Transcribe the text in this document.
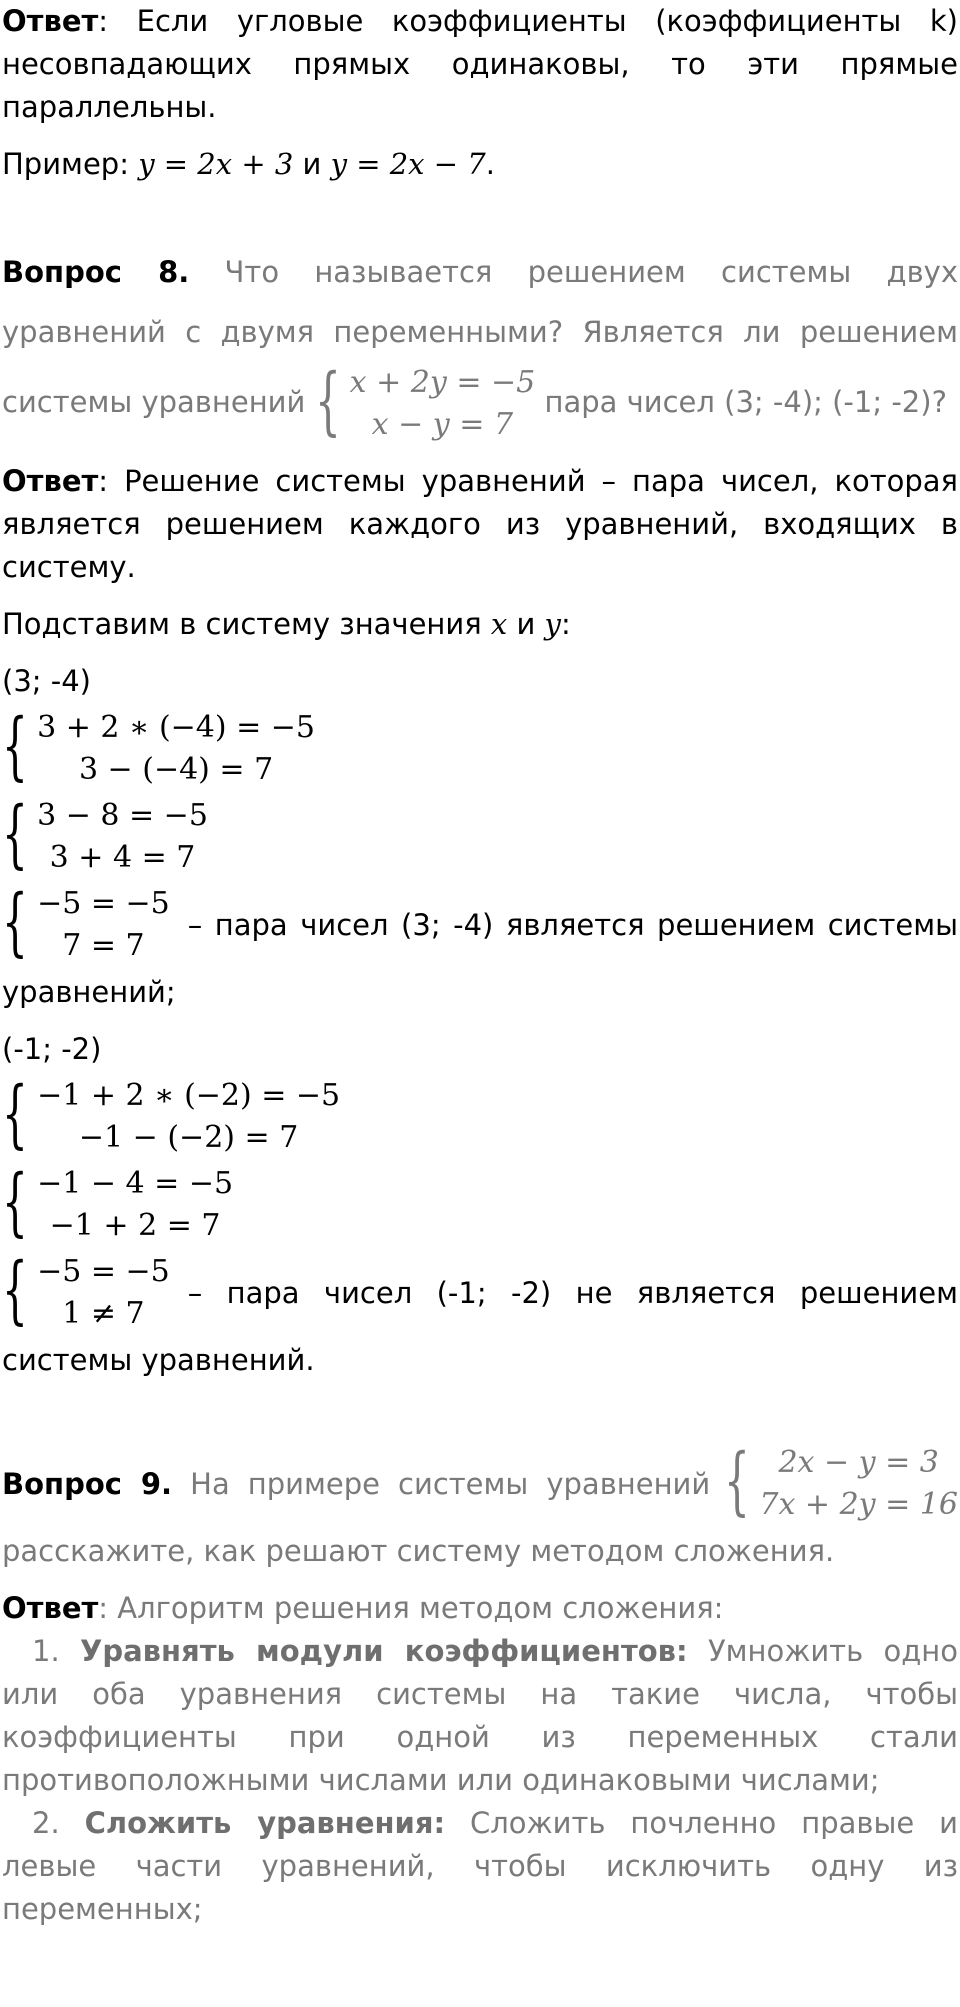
Ответ: Если угловые коэффициенты (коэффициенты k) несовпадающих прямых одинаковы, то эти прямые параллельны.

Пример: y = 2x + 3 и y = 2x − 7.

Вопрос 8. Что называется решением системы двух уравнений с двумя переменными? Является ли решением системы уравнений { x + 2y = −5
x − y = 7
пара чисел (3; -4); (-1; -2)?

Ответ: Решение системы уравнений – пара чисел, которая является решением каждого из уравнений, входящих в систему.

Подставим в систему значения x и y:

(3; -4)

{ 3 + 2 ∗ (−4) = −5
3 − (−4) = 7
{ 3 − 8 = −5
3 + 4 = 7
{ −5 = −5
7 = 7
– пара чисел (3; -4) является решением системы

уравнений;

(-1; -2)

{ −1 + 2 ∗ (−2) = −5
−1 − (−2) = 7
{ −1 − 4 = −5
−1 + 2 = 7
{ −5 = −5
1 ≠ 7
– пара чисел (-1; -2) не является решением

системы уравнений.

Вопрос 9. На примере системы уравнений { 2x − y = 3
7x + 2y = 16

расскажите, как решают систему методом сложения.

Ответ: Алгоритм решения методом сложения:

1. Уравнять модули коэффициентов: Умножить одно или оба уравнения системы на такие числа, чтобы коэффициенты при одной из переменных стали противоположными числами или одинаковыми числами;

2. Сложить уравнения: Сложить почленно правые и левые части уравнений, чтобы исключить одну из переменных;
